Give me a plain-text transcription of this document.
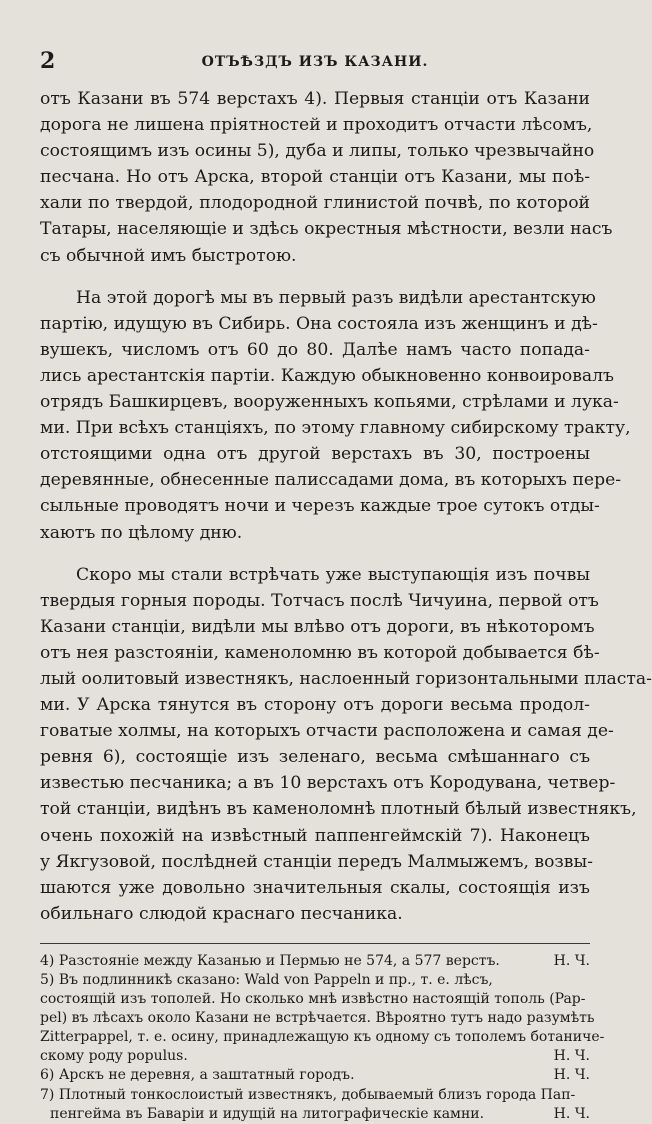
2	ОТЪѢЗДЪ ИЗЪ КАЗАНИ.
отъ Казани въ 574 верстахъ 4). Первыя станціи отъ Казани
дорога не лишена пріятностей и проходитъ отчасти лѣсомъ,
состоящимъ изъ осины 5), дуба и липы, только чрезвычайно
песчана. Но отъ Арска, второй станціи отъ Казани, мы поѣ-
хали по твердой, плодородной глинистой почвѣ, по которой
Татары, населяющіе и здѣсь окрестныя мѣстности, везли насъ
съ обычной имъ быстротою.
На этой дорогѣ мы въ первый разъ видѣли арестантскую
партію, идущую въ Сибирь. Она состояла изъ женщинъ и дѣ-
вушекъ, числомъ отъ 60 до 80. Далѣе намъ часто попада-
лись арестантскія партіи. Каждую обыкновенно конвоировалъ
отрядъ Башкирцевъ, вооруженныхъ копьями, стрѣлами и лука-
ми. При всѣхъ станціяхъ, по этому главному сибирскому тракту,
отстоящими одна отъ другой верстахъ въ 30, построены
деревянные, обнесенные палиссадами дома, въ которыхъ пере-
сыльные проводятъ ночи и черезъ каждые трое сутокъ отды-
хаютъ по цѣлому дню.
Скоро мы стали встрѣчать уже выступающія изъ почвы
твердыя горныя породы. Тотчасъ послѣ Чичуина, первой отъ
Казани станціи, видѣли мы влѣво отъ дороги, въ нѣкоторомъ
отъ нея разстояніи, каменоломню въ которой добывается бѣ-
лый оолитовый известнякъ, наслоенный горизонтальными пласта-
ми. У Арска тянутся въ сторону отъ дороги весьма продол-
говатые холмы, на которыхъ отчасти расположена и самая де-
ревня 6), состоящіе изъ зеленаго, весьма смѣшаннаго съ
известью песчаника; а въ 10 верстахъ отъ Кородувана, четвер-
той станціи, видѣнъ въ каменоломнѣ плотный бѣлый известнякъ,
очень похожій на извѣстный паппенгеймскій 7). Наконецъ
у Якгузовой, послѣдней станціи передъ Малмыжемъ, возвы-
шаются уже довольно значительныя скалы, состоящія изъ
обильнаго слюдой краснаго песчаника.
4) Разстояніе между Казанью и Пермью не 574, а 577 верстъ.	Н. Ч.
5) Въ подлинникѣ сказано: Wald von Pappeln и пр., т. е. лѣсъ,
состоящій изъ тополей. Но сколько мнѣ извѣстно настоящій тополь (Pap-
pel) въ лѣсахъ около Казани не встрѣчается. Вѣроятно тутъ надо разумѣть
Zitterpappel, т. е. осину, принадлежащую къ одному съ тополемъ ботаниче-
скому роду populus.	Н. Ч.
6) Арскъ не деревня, а заштатный городъ.	Н. Ч.
7) Плотный тонкослоистый известнякъ, добываемый близъ города Пап-
пенгейма въ Баваріи и идущій на литографическіе камни.	Н. Ч.
